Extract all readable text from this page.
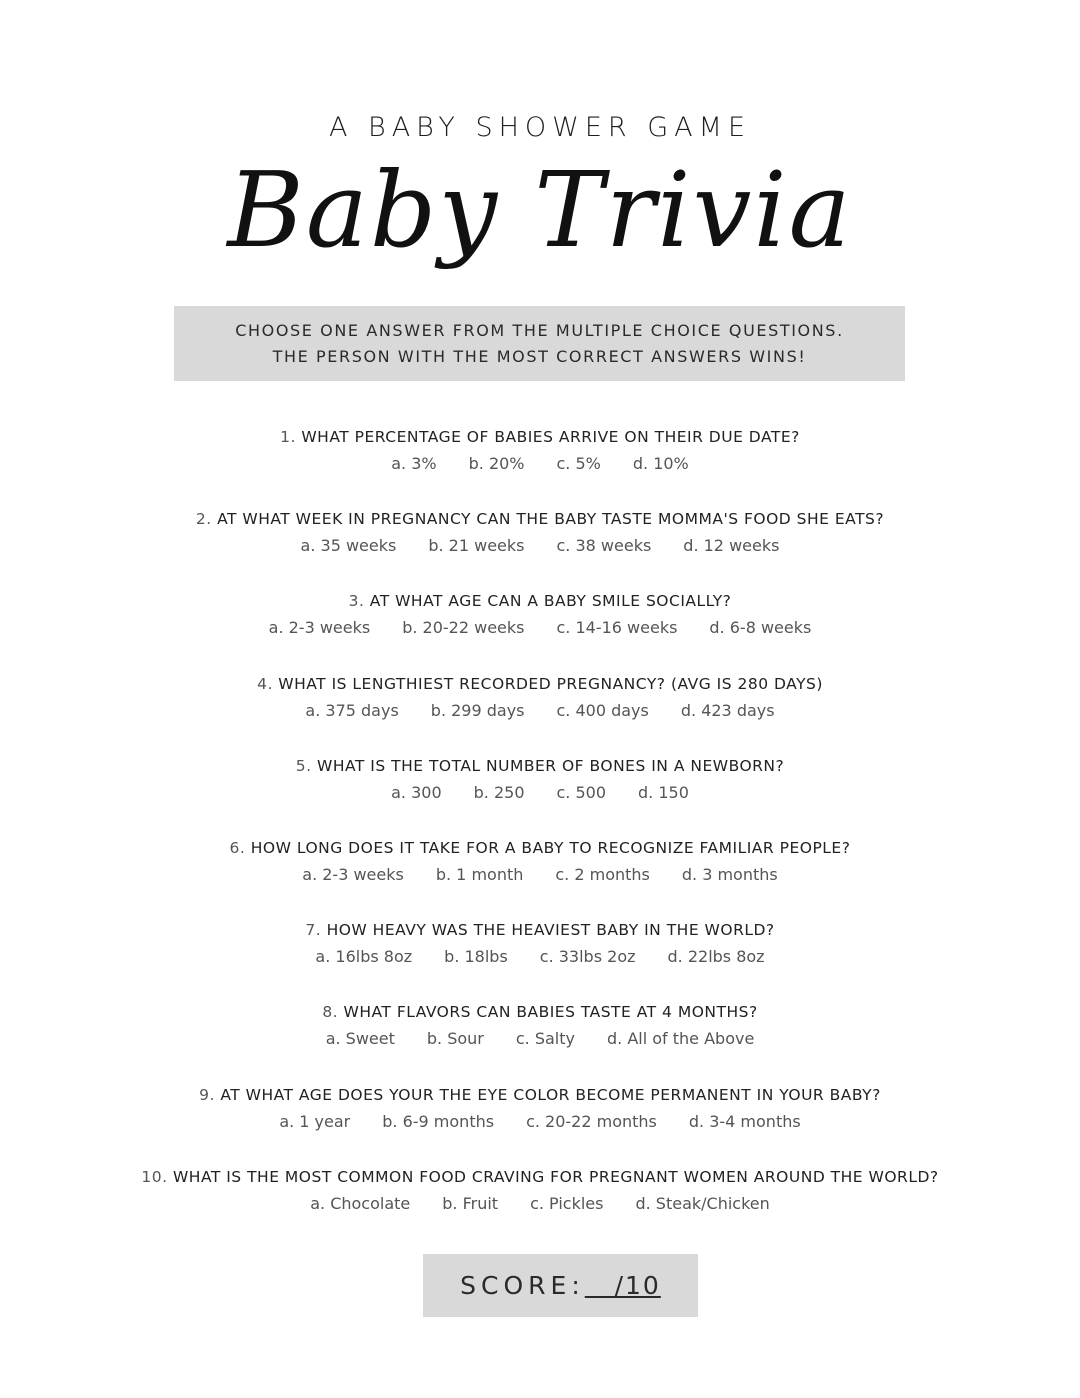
A BABY SHOWER GAME
Baby Trivia
CHOOSE ONE ANSWER FROM THE MULTIPLE CHOICE QUESTIONS.
THE PERSON WITH THE MOST CORRECT ANSWERS WINS!
1. WHAT PERCENTAGE OF BABIES ARRIVE ON THEIR DUE DATE?
a. 3% b. 20% c. 5% d. 10%
2. AT WHAT WEEK IN PREGNANCY CAN THE BABY TASTE MOMMA'S FOOD SHE EATS?
a. 35 weeks b. 21 weeks c. 38 weeks d. 12 weeks
3. AT WHAT AGE CAN A BABY SMILE SOCIALLY?
a. 2-3 weeks b. 20-22 weeks c. 14-16 weeks d. 6-8 weeks
4. WHAT IS LENGTHIEST RECORDED PREGNANCY? (AVG IS 280 DAYS)
a. 375 days b. 299 days c. 400 days d. 423 days
5. WHAT IS THE TOTAL NUMBER OF BONES IN A NEWBORN?
a. 300 b. 250 c. 500 d. 150
6. HOW LONG DOES IT TAKE FOR A BABY TO RECOGNIZE FAMILIAR PEOPLE?
a. 2-3 weeks b. 1 month c. 2 months d. 3 months
7. HOW HEAVY WAS THE HEAVIEST BABY IN THE WORLD?
a. 16lbs 8oz b. 18lbs c. 33lbs 2oz d. 22lbs 8oz
8. WHAT FLAVORS CAN BABIES TASTE AT 4 MONTHS?
a. Sweet b. Sour c. Salty d. All of the Above
9. AT WHAT AGE DOES YOUR THE EYE COLOR BECOME PERMANENT IN YOUR BABY?
a. 1 year b. 6-9 months c. 20-22 months d. 3-4 months
10. WHAT IS THE MOST COMMON FOOD CRAVING FOR PREGNANT WOMEN AROUND THE WORLD?
a. Chocolate b. Fruit c. Pickles d. Steak/Chicken
SCORE: /10
